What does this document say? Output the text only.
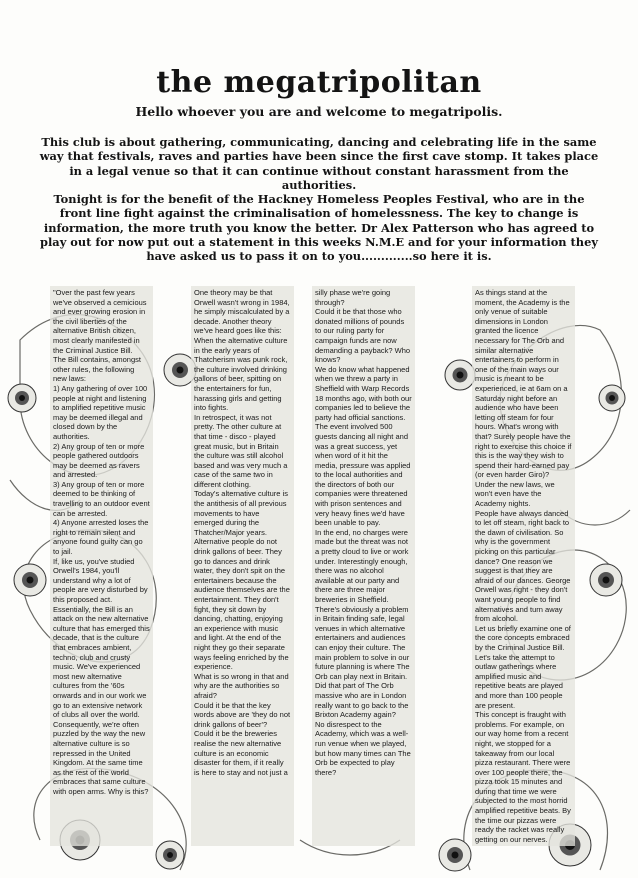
the megatripolitan
Hello whoever you are and welcome to megatripolis.

This club is about gathering, communicating, dancing and celebrating life in the same way that festivals, raves and parties have been since the first cave stomp. It takes place in a legal venue so that it can continue without constant harassment from the authorities.

Tonight is for the benefit of the Hackney Homeless Peoples Festival, who are in the front line fight against the criminalisation of homelessness. The key to change is information, the more truth you know the better. Dr Alex Patterson who has agreed to play out for now put out a statement in this weeks N.M.E and for your information they have asked us to pass it on to you.............so here it is.

"Over the past few years we've observed a cemicious and ever growing erosion in the civil liberties of the alternative British citizen, most clearly manifested in the Criminal Justice Bill.
The Bill contains, amongst other rules, the following new laws:
1) Any gathering of over 100 people at night and listening to amplified repetitive music may be deemed illegal and closed down by the authorities.
2) Any group of ten or more people gathered outdoors may be deemed as ravers and arrested.
3) Any group of ten or more deemed to be thinking of travelling to an outdoor event can be arrested.
4) Anyone arrested loses the right to remain silent and anyone found guilty can go to jail.
If, like us, you've studied Orwell's 1984, you'll understand why a lot of people are very disturbed by this proposed act.
Essentially, the Bill is an attack on the new alternative culture that has emerged this decade, that is the culture that embraces ambient, techno, club and crusty music. We've experienced most new alternative cultures from the '60s onwards and in our work we go to an extensive network of clubs all over the world. Consequently, we're often puzzled by the way the new alternative culture is so repressed in the United Kingdom. At the same time as the rest of the world embraces that same culture with open arms. Why is this?
One theory may be that Orwell wasn't wrong in 1984, he simply miscalculated by a decade. Another theory we've heard goes like this:
When the alternative culture in the early years of Thatcherism was punk rock, the culture involved drinking gallons of beer, spitting on the entertainers for fun, harassing girls and getting into fights.
In retrospect, it was not pretty. The other culture at that time - disco - played great music, but in Britain the culture was still alcohol based and was very much a case of the same two in different clothing.
Today's alternative culture is the antithesis of all previous movements to have emerged during the Thatcher/Major years. Alternative people do not drink gallons of beer. They go to dances and drink water, they don't spit on the entertainers because the audience themselves are the entertainment. They don't fight, they sit down by dancing, chatting, enjoying an experience with music and light. At the end of the night they go their separate ways feeling enriched by the experience.
What is so wrong in that and why are the authorities so afraid?
Could it be that the key words above are 'they do not drink gallons of beer'?
Could it be the breweries realise the new alternative culture is an economic disaster for them, if it really is here to stay and not just a
silly phase we're going through?
Could it be that those who donated millions of pounds to our ruling party for campaign funds are now demanding a payback? Who knows?
We do know what happened when we threw a party in Sheffield with Warp Records 18 months ago, with both our companies led to believe the party had official sanctions. The event involved 500 guests dancing all night and was a great success, yet when word of it hit the media, pressure was applied to the local authorities and the directors of both our companies were threatened with prison sentences and very heavy fines we'd have been unable to pay.
In the end, no charges were made but the threat was not a pretty cloud to live or work under. Interestingly enough, there was no alcohol available at our party and there are three major breweries in Sheffield.
There's obviously a problem in Britain finding safe, legal venues in which alternative entertainers and audiences can enjoy their culture. The main problem to solve in our future planning is where The Orb can play next in Britain.
Did that part of The Orb massive who are in London really want to go back to the Brixton Academy again?
No disrespect to the Academy, which was a well-run venue when we played, but how many times can The Orb be expected to play there?
As things stand at the moment, the Academy is the only venue of suitable dimensions in London granted the licence necessary for The Orb and similar alternative entertainers to perform in one of the main ways our music is meant to be experienced, ie at 6am on a Saturday night before an audience who have been letting off steam for four hours. What's wrong with that? Surely people have the right to exercise this choice if this is the way they wish to spend their hard-earned pay (or even harder Giro)?
Under the new laws, we won't even have the Academy nights.
People have always danced to let off steam, right back to the dawn of civilisation. So why is the government picking on this particular dance? One reason we suggest is that they are afraid of our dances. George Orwell was right - they don't want young people to find alternatives and turn away from alcohol.
Let us briefly examine one of the core concepts embraced by the Criminal Justice Bill. Let's take the attempt to outlaw gatherings where amplified music and repetitive beats are played and more than 100 people are present.
This concept is fraught with problems. For example, on our way home from a recent night, we stopped for a takeaway from our local pizza restaurant. There were over 100 people there, the pizza took 15 minutes and during that time we were subjected to the most horrid amplified repetitive beats. By the time our pizzas were ready the racket was really getting on our nerves.
